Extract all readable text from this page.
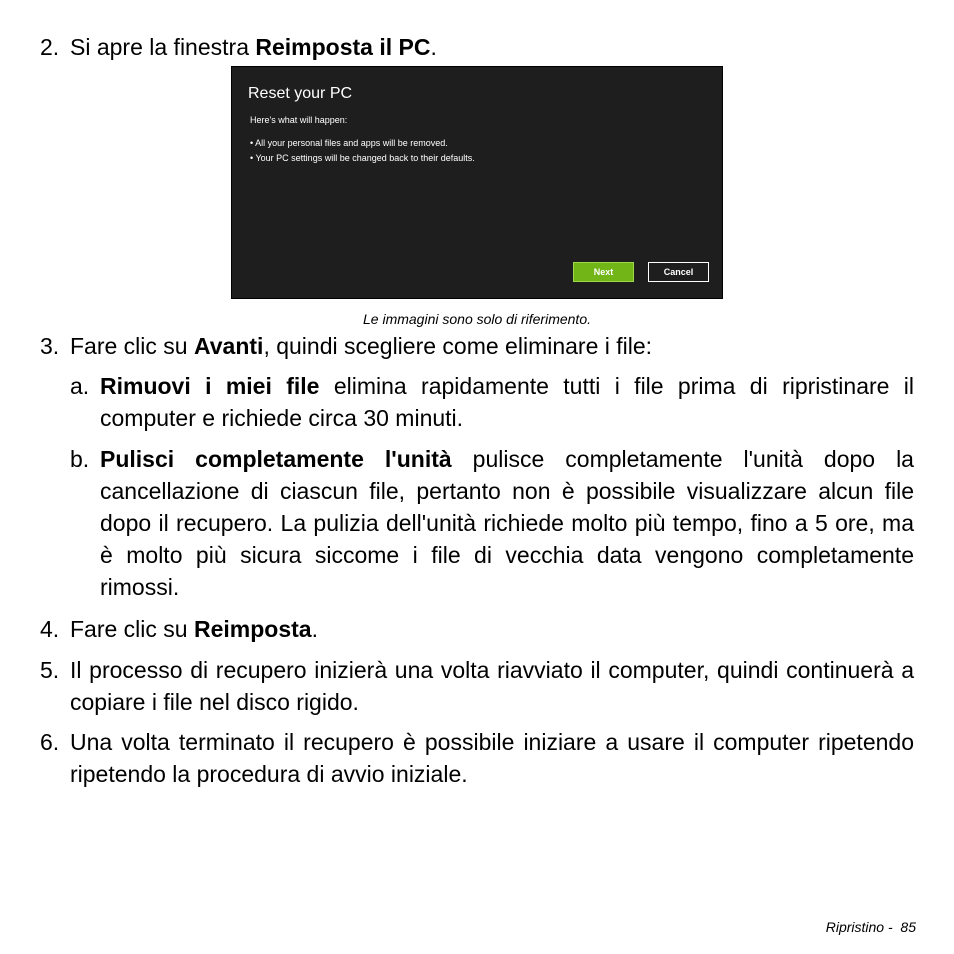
2. Si apre la finestra Reimposta il PC.
Reset your PC
Here's what will happen:
• All your personal files and apps will be removed.
• Your PC settings will be changed back to their defaults.
Next	Cancel
Le immagini sono solo di riferimento.
3. Fare clic su Avanti, quindi scegliere come eliminare i file:
a. Rimuovi i miei file elimina rapidamente tutti i file prima di ripristinare il computer e richiede circa 30 minuti.
b. Pulisci completamente l'unità pulisce completamente l'unità dopo la cancellazione di ciascun file, pertanto non è possibile visualizzare alcun file dopo il recupero. La pulizia dell'unità richiede molto più tempo, fino a 5 ore, ma è molto più sicura siccome i file di vecchia data vengono completamente rimossi.
4. Fare clic su Reimposta.
5. Il processo di recupero inizierà una volta riavviato il computer, quindi continuerà a copiare i file nel disco rigido.
6. Una volta terminato il recupero è possibile iniziare a usare il computer ripetendo ripetendo la procedura di avvio iniziale.
Ripristino - 85
